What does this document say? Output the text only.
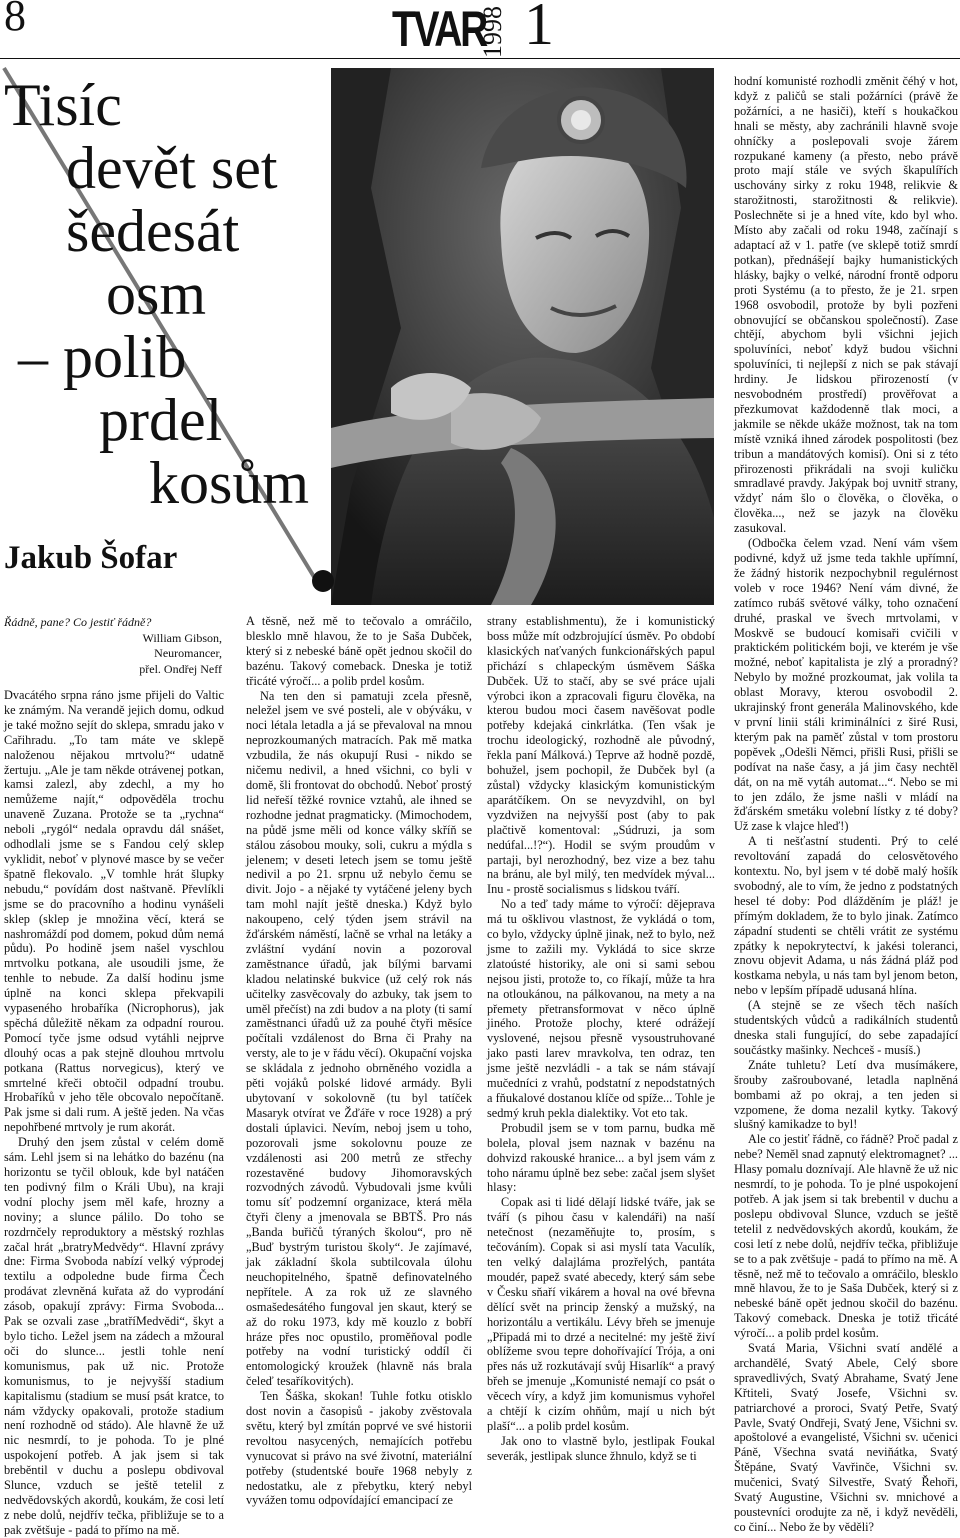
8	TVAR
1998 1
Tisíc
devět set
šedesát
osm
– polib
prdel
kosům
Jakub Šofar
Řádně, pane? Co jestiť řádně?
William Gibson,
Neuromancer,
přel. Ondřej Neff

Dvacátého srpna ráno jsme přijeli do Valtic ke známým. Na verandě jejich domu, odkud je také možno sejít do sklepa, smradu jako v Cařihradu. „To tam máte ve sklepě naloženou nějakou mrtvolu?“ udatně žertuju. „Ale je tam někde otrávenej potkan, kamsi zalezl, aby zdechl, a my ho nemůžeme najít,“ odpověděla trochu unaveně Zuzana. Protože se ta „rychna“ neboli „rygól“ nedala opravdu dál snášet, odhodlali jsme se s Fandou celý sklep vyklidit, neboť v plynové masce by se večer špatně flekovalo. „V tomhle hrát šlupky nebudu,“ povídám dost naštvaně. Převlíkli jsme se do pracovního a hodinu vynášeli sklep (sklep je množina věcí, která se nashromáždí pod domem, pokud dům nemá půdu). Po hodině jsem našel vyschlou mrtvolku potkana, ale usoudili jsme, že tenhle to nebude. Za další hodinu jsme úplně na konci sklepa překvapili vypaseného hrobaříka (Nicrophorus), jak spěchá důležitě někam za odpadní rourou. Pomocí tyče jsme odsud vytáhli nejprve dlouhý ocas a pak stejně dlouhou mrtvolu potkana (Rattus norvegicus), který ve smrtelné křeči obtočil odpadní troubu. Hrobaříků v jeho těle obcovalo nepočítaně. Pak jsme si dali rum. A ještě jeden. Na včas nepohřbené mrtvoly je rum akorát.

Druhý den jsem zůstal v celém domě sám. Lehl jsem si na lehátko do bazénu (na horizontu se tyčil oblouk, kde byl natáčen ten podivný film o Králi Ubu), na kraji vodní plochy jsem měl kafe, hrozny a noviny; a slunce pálilo. Do toho se rozdrnčely reproduktory a městský rozhlas začal hrát „bratryMedvědy“. Hlavní zprávy dne: Firma Svoboda nabízí velký výprodej textilu a odpoledne bude firma Čech prodávat zlevněná kuřata až do vyprodání zásob, opakují zprávy: Firma Svoboda... Pak se ozvali zase „bratříMedvědi“, škyt a bylo ticho. Ležel jsem na zádech a mžoural oči do slunce... jestli tohle není komunismus, pak už nic. Protože komunismus, to je nejvyšší stadium kapitalismu (stadium se musí psát kratce, to nám vždycky opakovali, protože stadium není rozhodně od stádo). Ale hlavně že už nic nesmrdí, to je pohoda. To je plné uspokojení potřeb. A jak jsem si tak breběntil v duchu a poslepu obdivoval Slunce, vzduch se ještě tetelil z nedvědovských akordů, koukám, že cosi letí z nebe dolů, nejdřív tečka, přibližuje se to a pak zvětšuje - padá to přímo na mě.

A těsně, než mě to tečovalo a omráčilo, blesklo mně hlavou, že to je Saša Dubček, který si z nebeské báně opět jednou skočil do bazénu. Takový comeback. Dneska je totiž třicáté výročí... a polib prdel kosům.

Na ten den si pamatuji zcela přesně, neležel jsem ve své posteli, ale v obýváku, v noci létala letadla a já se převaloval na mnou neprozkoumaných matracích. Pak mě matka vzbudila, že nás okupují Rusi - nikdo se ničemu nedivil, a hned všichni, co byli v domě, šli frontovat do obchodů. Neboť prostý lid neřeší těžké rovnice vztahů, ale ihned se rozhodne jednat pragmaticky. (Mimochodem, na půdě jsme měli od konce války skříň se stálou zásobou mouky, soli, cukru a mýdla s jelenem; v deseti letech jsem se tomu ještě nedivil a po 21. srpnu už nebylo čemu se divit. Jojo - a nějaké ty vytáčené jeleny bych tam mohl najít ještě dneska.) Když bylo nakoupeno, celý týden jsem strávil na žďárském náměstí, lačně se vrhal na letáky a zvláštní vydání novin a pozoroval zaměstnance úřadů, jak bílými barvami kladou nelatinské bukvice (už celý rok nás učitelky zasvěcovaly do azbuky, tak jsem to uměl přečíst) na zdi budov a na ploty (ti samí zaměstnanci úřadů už za pouhé čtyři měsíce počítali vzdálenost do Brna či Prahy na versty, ale to je v řádu věcí). Okupační vojska se skládala z jednoho obrněného vozidla a pěti vojáků polské lidové armády. Byli ubytovaní v sokolovně (tu byl tatíček Masaryk otvírat ve Žďáře v roce 1928) a prý dostali úplavici. Nevím, neboj jsem u toho, pozorovali jsme sokolovnu pouze ze vzdálenosti asi 200 metrů ze střechy rozestavěné budovy Jihomoravských rozvodných závodů. Vybudovali jsme kvůli tomu síť podzemní organizace, která měla čtyři členy a jmenovala se BBTŠ. Pro nás „Banda buřičů týraných školou“, pro ně „Buď bystrým turistou školy“. Je zajímavé, jak základní škola subtilcovala úlohu neuchopitelného, špatně definovatelného nepřítele. A za rok už ze slavného osmašedesátého fungoval jen skaut, který se až do roku 1973, kdy mě kouzlo z bobří hráze přes noc opustilo, proměňoval podle potřeby na vodní turistický oddíl či entomologický kroužek (hlavně nás brala čeleď tesaříkovitých).

Ten Šáška, skokan! Tuhle fotku otisklo dost novin a časopisů - jakoby zvěstovala světu, který byl zmítán poprvé ve své historii revoltou nasycených, nemajících potřebu vynucovat si právo na své životní, materiální potřeby (studentské bouře 1968 nebyly z nedostatku, ale z přebytku, který nebyl vyvážen tomu odpovídající emancipací ze

strany establishmentu), že i komunistický boss může mít odzbrojující úsměv. Po období klasických naťvaných funkcionářských papul přichází s chlapeckým úsměvem Sáška Dubček. Už to stačí, aby se své práce ujali výrobci ikon a zpracovali figuru člověka, na kterou budou moci časem navěšovat podle potřeby kdejaká cinkrlátka. (Ten však je trochu ideologický, rozhodně ale původný, řekla paní Málková.) Teprve až hodně pozdě, bohužel, jsem pochopil, že Dubček byl (a zůstal) vždycky klasickým komunistickým aparátčíkem. On se nevyzdvihl, on byl vyzdvižen na nejvyšší post (aby to pak plačtivě komentoval: „Súdruzi, ja som nedúfal...!?“). Hodil se svým proudům v partaji, byl nerozhodný, bez vize a bez tahu na bránu, ale byl milý, ten medvídek mýval... Inu - prostě socialismus s lidskou tváří.

No a teď tady máme to výročí: dějepravа má tu ošklivou vlastnost, že vykládá o tom, co bylo, vždycky úplně jinak, než to bylo, než jsme to zažili my. Vykládá to sice skrze zlatoústé historiky, ale oni si sami sebou nejsou jisti, protože to, co říkají, může ta hra na otloukánou, na pálkovanou, na mety a na přemety přetransformovat v něco úplně jiného. Protože plochy, které odrážejí vyslovené, nejsou přesně vysoustruhované jako pasti larev mravkolva, ten odraz, ten jsme ještě nezvládli - a tak se nám stávají mučedníci z vrahů, podstatní z nepodstatných a fňukalové dostanou klíče od spíže... Tohle je sedmý kruh pekla dialektiky. Vot eto tak.

Probudil jsem se v tom parnu, budka mě bolela, ploval jsem naznak v bazénu na dohvizd rakouské hranice... a byl jsem vám z toho náramu úplně bez sebe: začal jsem slyšet hlasy:

Copak asi ti lidé dělají lidské tváře, jak se tváří (s pihou času v kalendáři) na naší netečnost (nezaměňujte to, prosím, s tečováním). Copak si asi myslí tata Vaculík, ten velký dalajláma prozřelých, pantáta moudér, papež svaté abecedy, který sám sebe v Česku sňaří vikárem a hoval na ové břevna dělící svět na princip ženský a mužský, na horizontálu a vertikálu. Lévy břeh se jmenuje „Připadá mi to drzé a necitelné: my ještě živí oblížeme svou tepre dohořívající Trója, a oni přes nás už rozkutávají svůj Hisarlík“ a pravý břeh se jmenuje „Komunisté nemají co psát o věcech víry, a když jim komunismus vyhořel a chtějí k cizím ohňům, mají u nich být plaší“... a polib prdel kosům.

Jak ono to vlastně bylo, jestlipak Foukal severák, jestlipak slunce žhnulo, když se ti

hodní komunisté rozhodli změnit čéhý v hot, když z paličů se stali požárníci (právě že požárníci, a ne hasiči), kteří s houkačkou hnali se městy, aby zachránili hlavně svoje ohníčky a poslepovali svoje žárem rozpukané kameny (a přesto, nebo právě proto mají stále ve svých škapulířích uschovány sirky z roku 1948, relikvie & starožitnosti, starožitnosti & relikvie). Poslechněte si je a hned víte, kdo byl who. Místo aby začali od roku 1948, začínají s adaptací až v 1. patře (ve sklepě totiž smrdí potkan), přednášejí bajky humanistických hlásky, bajky o velké, národní frontě odporu proti Systému (a to přesto, že je 21. srpen 1968 osvobodil, protože by byli pozřeni obnovující se občanskou společností). Zase chtějí, abychom byli všichni jejich spoluvíníci, neboť když budou všichni spoluvíníci, ti nejlepší z nich se pak stávají hrdiny. Je lidskou přirozeností (v nesvobodném prostředí) prověřovat a přezkumovat každodenně tlak moci, a jakmile se někde ukáže možnost, tak na tom místě vzniká ihned zárodek pospolitosti (bez tribun a mandátových komisí). Oni si z této přirozenosti přikrádali na svoji kuličku smradlavé pravdy. Jakýpak boj uvnitř strany, vždyť nám šlo o člověka, o člověka, o člověka..., než se jazyk na člověku zasukoval.

(Odbočka čelem vzad. Není vám všem podivné, když už jsme teda takhle upřímní, že žádný historik nezpochybnil regulérnost voleb v roce 1946? Není vám divné, že zatímco rubáš světové války, toho označení druhé, praskal ve švech mrtvolami, v Moskvě se budoucí komisaři cvičili v praktickém politickém boji, ve kterém je vše možné, neboť kapitalista je zlý a proradný? Nebylo by možné prozkoumat, jak volila ta oblast Moravy, kterou osvobodil 2. ukrajinský front generála Malinovského, kde v první linii stáli kriminálníci z širé Rusi, kterým pak na paměť zůstal v tom prostoru popěvek „Odešli Němci, přišli Rusi, přišli se podívat na naše časy, a já jim časy nechtěl dát, on na mě vytáh automat...“. Nebo se mi to jen zdálo, že jsme našli v mládí na žďárském smetáku volební lístky z té doby? Už zase k vlajce hleď!)

A ti nešťastní studenti. Prý to celé revoltování zapadá do celosvětového kontextu. No, byl jsem v té době malý hošík svobodný, ale to vím, že jedno z podstatných hesel té doby: Pod dlážděním je pláž! je přímým dokladem, že to bylo jinak. Zatímco západní studenti se chtěli vrátit ze systému zpátky k nepokrytectví, k jakési toleranci, znovu objevit Adama, u nás žádná pláž pod kostkama nebyla, u nás tam byl jenom beton, nebo v lepším případě udusaná hlína.

(A stejně se ze všech těch naších studentských vůdců a radikálních studentů dneska stali fungující, do sebe zapadající součástky mašinky. Nechceš - musíš.)

Znáte tuhletu? Letí dva musímákere, šrouby zašroubované, letadla naplněná bombami až po okraj, a ten jeden si vzpomene, že doma nezalil kytky. Takový slušný kamikadze to byl!

Ale co jestiť řádně, co řádně? Proč padal z nebe? Neměl snad zapnutý elektromagnet? ... Hlasy pomalu doznívají. Ale hlavně že už nic nesmrdí, to je pohoda. To je plné uspokojení potřeb. A jak jsem si tak brebentil v duchu a poslepu obdivoval Slunce, vzduch se ještě tetelil z nedvědovských akordů, koukám, že cosi letí z nebe dolů, nejdřív tečka, přibližuje se to a pak zvětšuje - padá to přímo na mě. A těsně, než mě to tečovalo a omráčilo, blesklo mně hlavou, že to je Saša Dubček, který si z nebeské báně opět jednou skočil do bazénu. Takový comeback. Dneska je totiž třicáté výročí... a polib prdel kosům.

Svatá Maria, Všichni svatí andělé a archandělé, Svatý Abele, Celý sbore spravedlivých, Svatý Abrahame, Svatý Jene Křtiteli, Svatý Josefe, Všichni sv. patriarchové a proroci, Svatý Petře, Svatý Pavle, Svatý Ondřeji, Svatý Jene, Všichni sv. apoštolové a evangelisté, Všichni sv. učenici Páně, Všechna svatá neviňátka, Svatý Štěpáne, Svatý Vavřinče, Všichni sv. mučenici, Svatý Silvestře, Svatý Řehoři, Svatý Augustine, Všichni sv. mnichové a poustevníci orodujte za ně, i když nevěděli, co činí... Nebo že by věděli?
